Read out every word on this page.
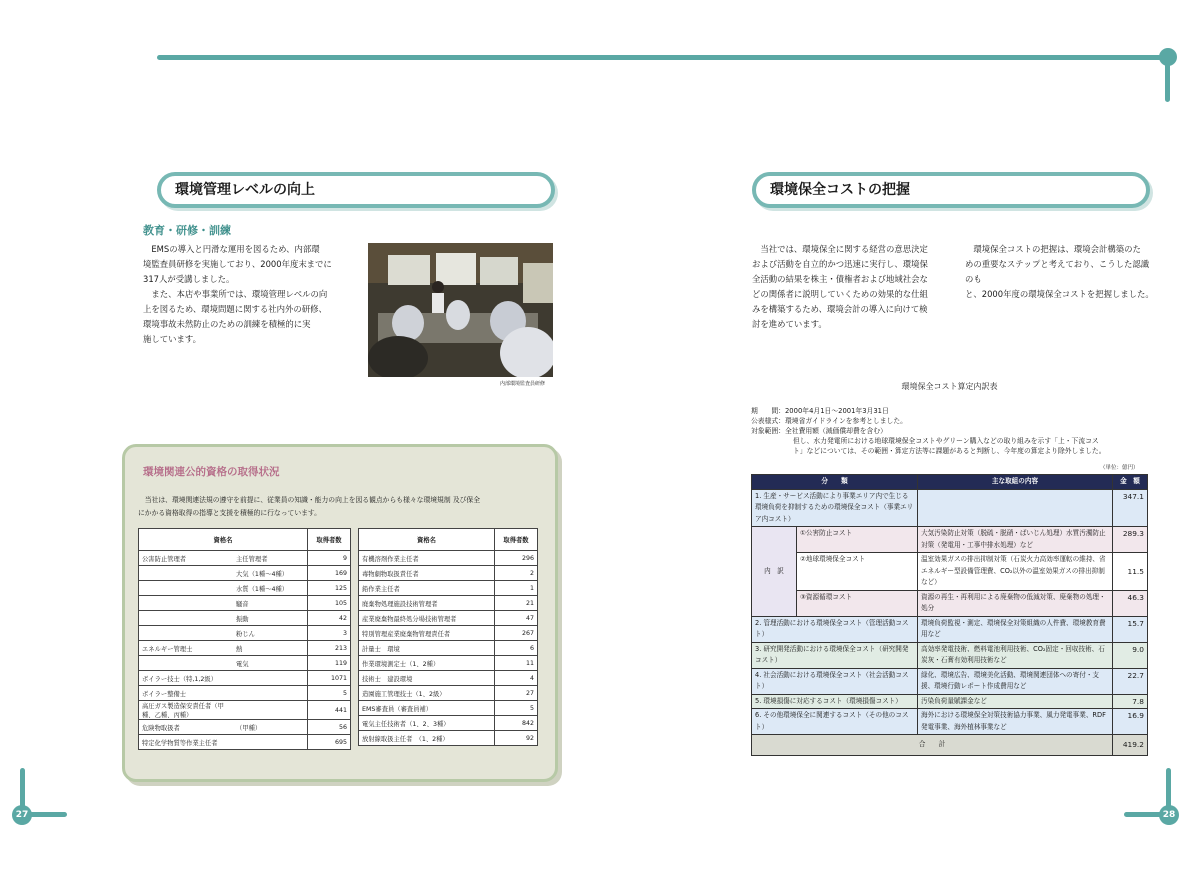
27	28
環境管理レベルの向上
教育・研修・訓練
　EMSの導入と円滑な運用を図るため、内部環
境監査員研修を実施しており、2000年度末までに
317人が受講しました。
　また、本店や事業所では、環境管理レベルの向
上を図るため、環境問題に関する社内外の研修、
環境事故未然防止のための訓練を積極的に実
施しています。
内部環境監査員研修
環境関連公的資格の取得状況
　当社は、環境関連法規の遵守を前提に、従業員の知識・能力の向上を図る観点からも様々な環境規制 及び保全
にかかる資格取得の指導と支援を積極的に行なっています。
資格名		取得者数
公害防止管理者	主任管理者	9
	大気（1種〜4種）	169
	水質（1種〜4種）	125
	騒音	105
	振動	42
	粉じん	3
エネルギー管理士	熱	213
	電気	119
ボイラー技士（特,1,2級）		1071
ボイラー整備士		5
高圧ガス製造保安責任者（甲種、乙種、丙種）		441
危険物取扱者	（甲種）	56
特定化学物質等作業主任者		695
資格名	取得者数
有機溶剤作業主任者	296
毒物劇物取扱責任者	2
鉛作業主任者	1
廃棄物処理施設技術管理者	21
産業廃棄物最終処分場技術管理者	47
特別管理産業廃棄物管理責任者	267
計量士　環境	6
作業環境測定士（1、2種）	11
技術士　建設環境	4
造園施工管理技士（1、2級）	27
EMS審査員（審査員補）	5
電気主任技術者（1、2、3種）	842
放射線取扱主任者　（1、2種）	92
環境保全コストの把握
　当社では、環境保全に関する経営の意思決定
および活動を自立的かつ迅速に実行し、環境保
全活動の結果を株主・債権者および地域社会な
どの関係者に説明していくための効果的な仕組
みを構築するため、環境会計の導入に向けて検
討を進めています。
　環境保全コストの把握は、環境会計構築のた
めの重要なステップと考えており、こうした認識のも
と、2000年度の環境保全コストを把握しました。
環境保全コスト算定内訳表
期　　間：2000年4月1日〜2001年3月31日
公表様式：環境省ガイドラインを参考としました。
対象範囲：全社費用額（減価償却費を含む）
但し、水力発電所における地球環境保全コストやグリーン購入などの取り組みを示す「上・下流コス
ト」などについては、その範囲・算定方法等に課題があると判断し、今年度の算定より除外しました。
（単位：億円）
分　　類		主な取組の内容	金　額
1. 生産・サービス活動により事業エリア内で生じる環境負荷を抑制するための環境保全コスト（事業エリア内コスト）			347.1
内　訳	①公害防止コスト	大気汚染防止対策（脱硫・脱硝・ばいじん処理）水質汚濁防止対策（発電用・工事中排水処理）など	289.3
	②地球環境保全コスト	温室効果ガスの排出抑制対策（石炭火力高効率運転の維持、省エネルギー型設備管理費、CO₂以外の温室効果ガスの排出抑制など）	11.5
	③資源循環コスト	資源の再生・再利用による廃棄物の低減対策、廃棄物の処理・処分	46.3
2. 管理活動における環境保全コスト（管理活動コスト）		環境負荷監視・測定、環境保全対策組織の人件費、環境教育費用など	15.7
3. 研究開発活動における環境保全コスト（研究開発コスト）		高効率発電技術、燃料電池利用技術、CO₂固定・回収技術、石炭灰・石膏有効利用技術など	9.0
4. 社会活動における環境保全コスト（社会活動コスト）		緑化、環境広告、環境美化活動、環境関連団体への寄付・支援、環境行動レポート作成費用など	22.7
5. 環境損傷に対応するコスト（環境損傷コスト）		汚染負荷量賦課金など	7.8
6. その他環境保全に関連するコスト（その他のコスト）		海外における環境保全対策技術協力事業、風力発電事業、RDF発電事業、海外植林事業など	16.9
合　　計			419.2
